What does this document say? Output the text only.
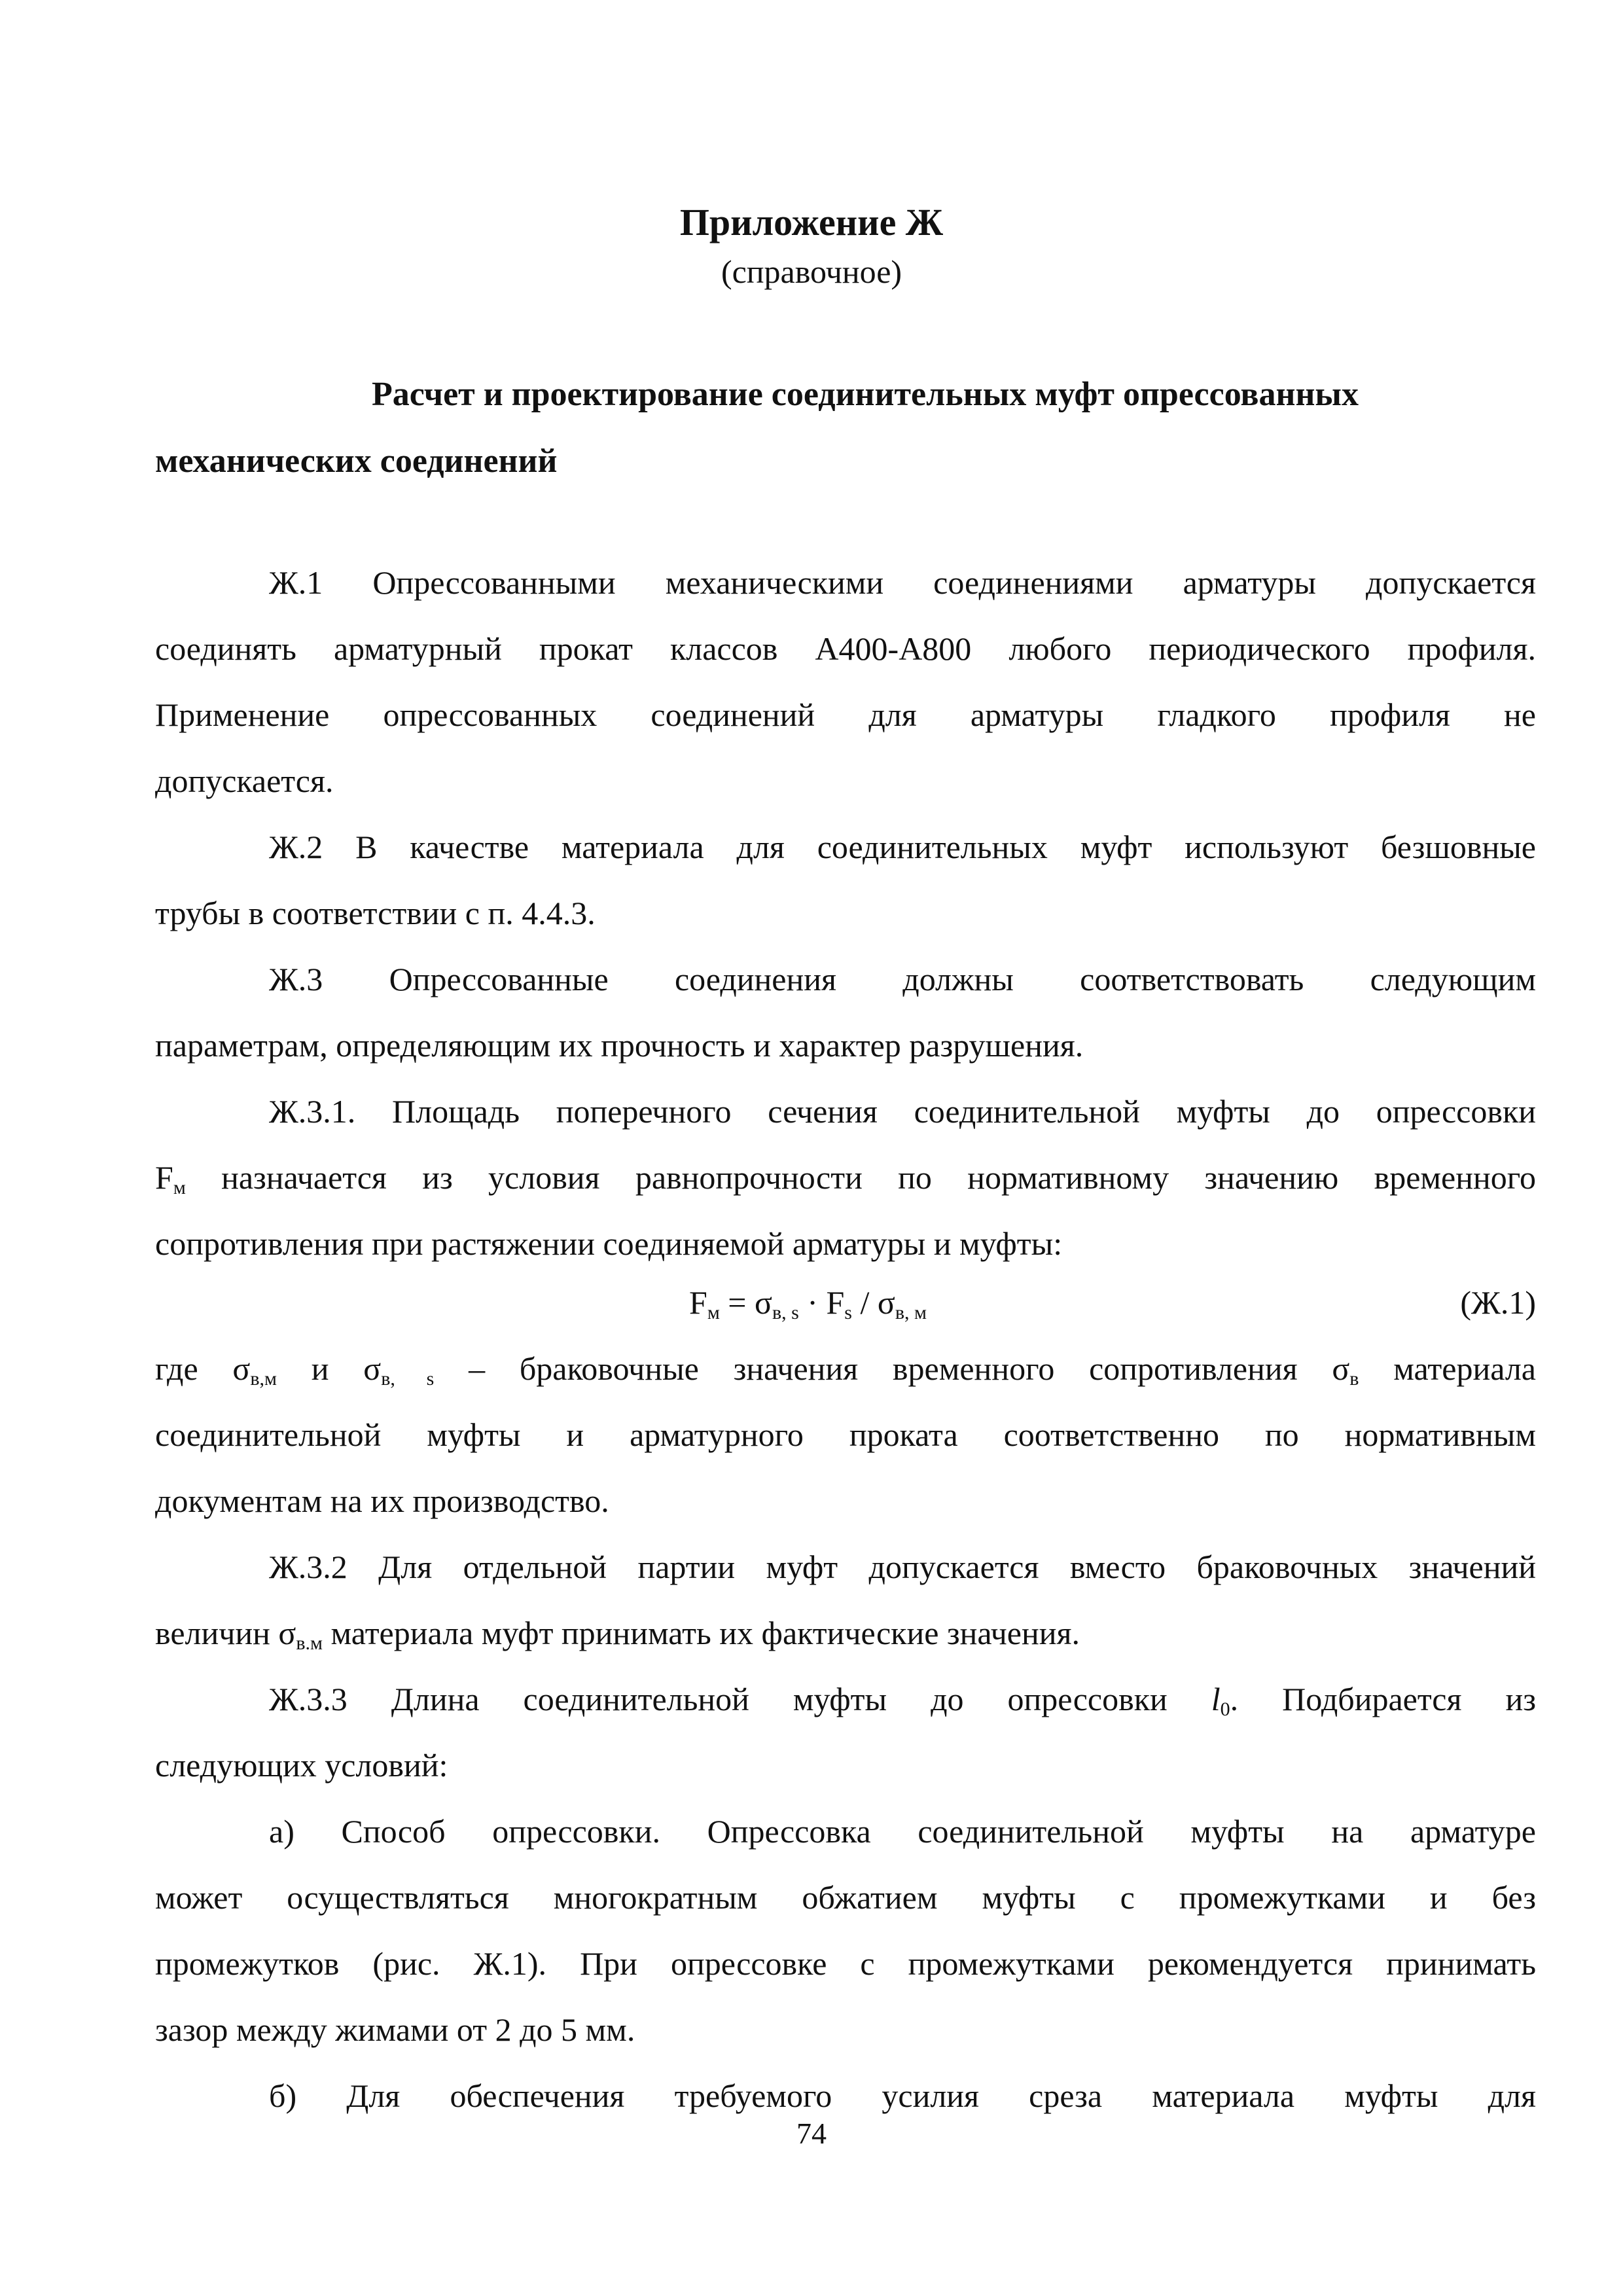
Приложение Ж
(справочное)
Расчет и проектирование соединительных муфт опрессованных
механических соединений
Ж.1 Опрессованными механическими соединениями арматуры допускается
соединять арматурный прокат классов А400-А800 любого периодического профиля.
Применение опрессованных соединений для арматуры гладкого профиля не
допускается.
Ж.2 В качестве материала для соединительных муфт используют безшовные
трубы в соответствии с п. 4.4.3.
Ж.3 Опрессованные соединения должны соответствовать следующим
параметрам, определяющим их прочность и характер разрушения.
Ж.3.1. Площадь поперечного сечения соединительной муфты до опрессовки
$F_м$ назначается из условия равнопрочности по нормативному значению временного
сопротивления при растяжении соединяемой арматуры и муфты:
$F_м = \sigma_{в, s} \cdot F_s / \sigma_{в, м}$	(Ж.1)
где $\sigma_{в,м}$ и $\sigma_{в, s}$ – браковочные значения временного сопротивления $\sigma_в$ материала
соединительной муфты и арматурного проката соответственно по нормативным
документам на их производство.
Ж.3.2 Для отдельной партии муфт допускается вместо браковочных значений
величин $\sigma_{в.м}$ материала муфт принимать их фактические значения.
Ж.3.3 Длина соединительной муфты до опрессовки $l_0$. Подбирается из
следующих условий:
а) Способ опрессовки. Опрессовка соединительной муфты на арматуре
может осуществляться многократным обжатием муфты с промежутками и без
промежутков (рис. Ж.1). При опрессовке с промежутками рекомендуется принимать
зазор между жимами от 2 до 5 мм.
б) Для обеспечения требуемого усилия среза материала муфты для
74
